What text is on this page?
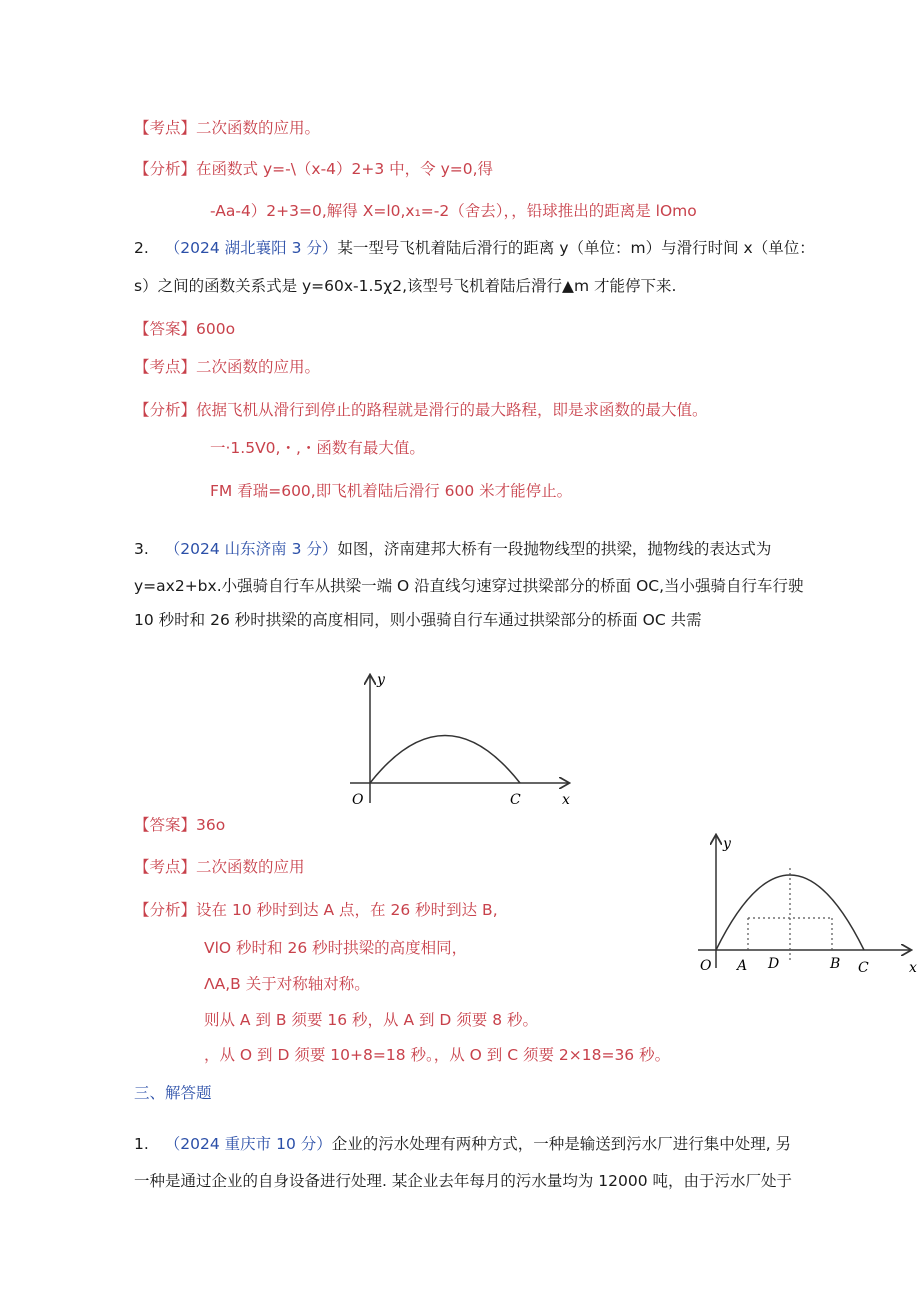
【考点】二次函数的应用。
【分析】在函数式 y=-\（x-4）2+3 中，令 y=0,得
-Aa-4）2+3=0,解得 X=l0,x₁=-2（舍去），，铅球推出的距离是 lOmo
2. （2024 湖北襄阳 3 分）某一型号飞机着陆后滑行的距离 y（单位：m）与滑行时间 x（单位：
s）之间的函数关系式是 y=60x-1.5χ2,该型号飞机着陆后滑行▲m 才能停下来.
【答案】600o
【考点】二次函数的应用。
【分析】依据飞机从滑行到停止的路程就是滑行的最大路程，即是求函数的最大值。
一·1.5V0,・,・函数有最大值。
FM 看瑞=600,即飞机着陆后滑行 600 米才能停止。
3. （2024 山东济南 3 分）如图，济南建邦大桥有一段抛物线型的拱梁，抛物线的表达式为
y=ax2+bx.小强骑自行车从拱梁一端 O 沿直线匀速穿过拱梁部分的桥面 OC,当小强骑自行车行驶
10 秒时和 26 秒时拱梁的高度相同，则小强骑自行车通过拱梁部分的桥面 OC 共需
O	C	x
y
【答案】36o
【考点】二次函数的应用
【分析】设在 10 秒时到达 A 点，在 26 秒时到达 B,
VlO 秒时和 26 秒时拱梁的高度相同，
ΛA,B 关于对称轴对称。
则从 A 到 B 须要 16 秒，从 A 到 D 须要 8 秒。
，从 O 到 D 须要 10+8=18 秒。，从 O 到 C 须要 2×18=36 秒。
O A D	B C	x
y
三、解答题
1. （2024 重庆市 10 分）企业的污水处理有两种方式，一种是输送到污水厂进行集中处理, 另
一种是通过企业的自身设备进行处理. 某企业去年每月的污水量均为 12000 吨，由于污水厂处于
